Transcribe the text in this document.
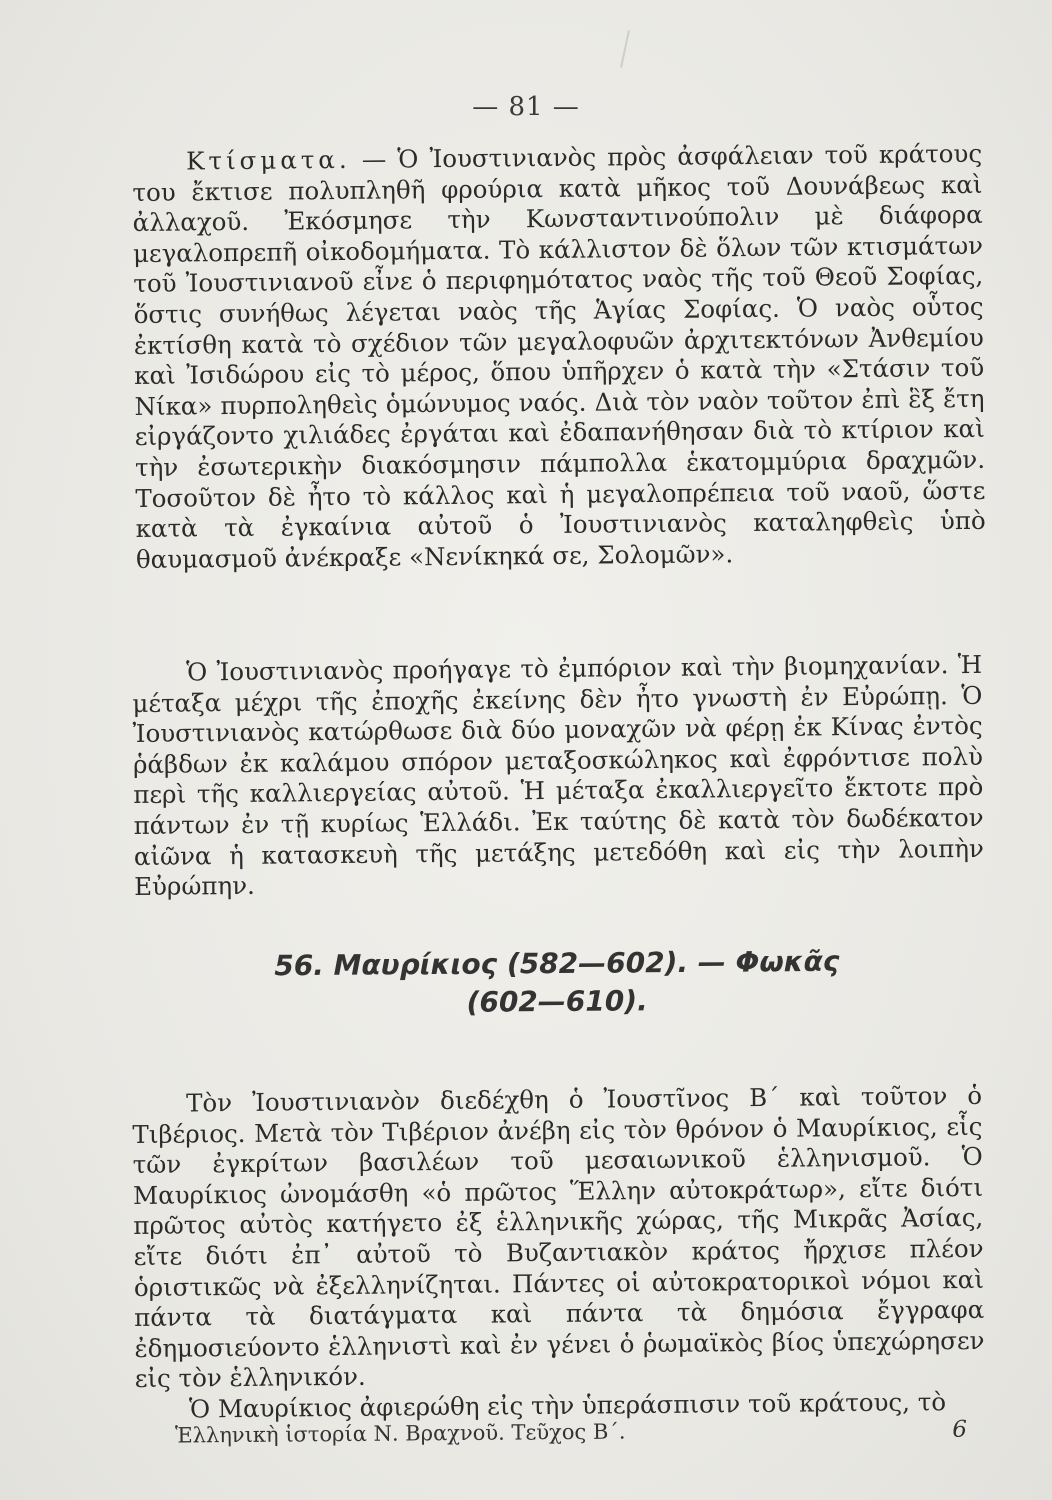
— 81 —

Κτίσματα. — Ὁ Ἰουστινιανὸς πρὸς ἀσφάλειαν τοῦ κράτους του ἔκτισε πολυπληθῆ φρούρια κατὰ μῆκος τοῦ Δουνάβεως καὶ ἀλλαχοῦ. Ἐκόσμησε τὴν Κωνσταντινούπολιν μὲ διάφορα μεγαλοπρεπῆ οἰκοδομήματα. Τὸ κάλλιστον δὲ ὅλων τῶν κτισμάτων τοῦ Ἰουστινιανοῦ εἶνε ὁ περιφημότατος ναὸς τῆς τοῦ Θεοῦ Σοφίας, ὅστις συνήθως λέγεται ναὸς τῆς Ἁγίας Σοφίας. Ὁ ναὸς οὗτος ἐκτίσθη κατὰ τὸ σχέδιον τῶν μεγαλοφυῶν ἀρχιτεκτόνων Ἀνθεμίου καὶ Ἰσιδώρου εἰς τὸ μέρος, ὅπου ὑπῆρχεν ὁ κατὰ τὴν «Στάσιν τοῦ Νίκα» πυρποληθεὶς ὁμώνυμος ναός. Διὰ τὸν ναὸν τοῦτον ἐπὶ ἓξ ἔτη εἰργάζοντο χιλιάδες ἐργάται καὶ ἐδαπανήθησαν διὰ τὸ κτίριον καὶ τὴν ἐσωτερικὴν διακόσμησιν πάμπολλα ἑκατομμύρια δραχμῶν. Τοσοῦτον δὲ ἦτο τὸ κάλλος καὶ ἡ μεγαλοπρέπεια τοῦ ναοῦ, ὥστε κατὰ τὰ ἐγκαίνια αὐτοῦ ὁ Ἰουστινιανὸς καταληφθεὶς ὑπὸ θαυμασμοῦ ἀνέκραξε «Νενίκηκά σε, Σολομῶν».

Ὁ Ἰουστινιανὸς προήγαγε τὸ ἐμπόριον καὶ τὴν βιομηχανίαν. Ἡ μέταξα μέχρι τῆς ἐποχῆς ἐκείνης δὲν ἦτο γνωστὴ ἐν Εὐρώπῃ. Ὁ Ἰουστινιανὸς κατώρθωσε διὰ δύο μοναχῶν νὰ φέρῃ ἐκ Κίνας ἐντὸς ῥάβδων ἐκ καλάμου σπόρον μεταξοσκώληκος καὶ ἐφρόντισε πολὺ περὶ τῆς καλλιεργείας αὐτοῦ. Ἡ μέταξα ἐκαλλιεργεῖτο ἔκτοτε πρὸ πάντων ἐν τῇ κυρίως Ἑλλάδι. Ἐκ ταύτης δὲ κατὰ τὸν δωδέκατον αἰῶνα ἡ κατασκευὴ τῆς μετάξης μετεδόθη καὶ εἰς τὴν λοιπὴν Εὐρώπην.

56. Μαυρίκιος (582—602). — Φωκᾶς
(602—610).

Τὸν Ἰουστινιανὸν διεδέχθη ὁ Ἰουστῖνος Β΄ καὶ τοῦτον ὁ Τιβέριος. Μετὰ τὸν Τιβέριον ἀνέβη εἰς τὸν θρόνον ὁ Μαυρίκιος, εἷς τῶν ἐγκρίτων βασιλέων τοῦ μεσαιωνικοῦ ἑλληνισμοῦ. Ὁ Μαυρίκιος ὠνομάσθη «ὁ πρῶτος Ἕλλην αὐτοκράτωρ», εἴτε διότι πρῶτος αὐτὸς κατήγετο ἐξ ἑλληνικῆς χώρας, τῆς Μικρᾶς Ἀσίας, εἴτε διότι ἐπ᾽ αὐτοῦ τὸ Βυζαντιακὸν κράτος ἤρχισε πλέον ὁριστικῶς νὰ ἐξελληνίζηται. Πάντες οἱ αὐτοκρατορικοὶ νόμοι καὶ πάντα τὰ διατάγματα καὶ πάντα τὰ δημόσια ἔγγραφα ἐδημοσιεύοντο ἑλληνιστὶ καὶ ἐν γένει ὁ ῥωμαϊκὸς βίος ὑπεχώρησεν εἰς τὸν ἑλληνικόν.

Ὁ Μαυρίκιος ἀφιερώθη εἰς τὴν ὑπεράσπισιν τοῦ κράτους, τὸ

Ἑλληνικὴ ἱστορία Ν. Βραχνοῦ. Τεῦχος Β΄.	6
